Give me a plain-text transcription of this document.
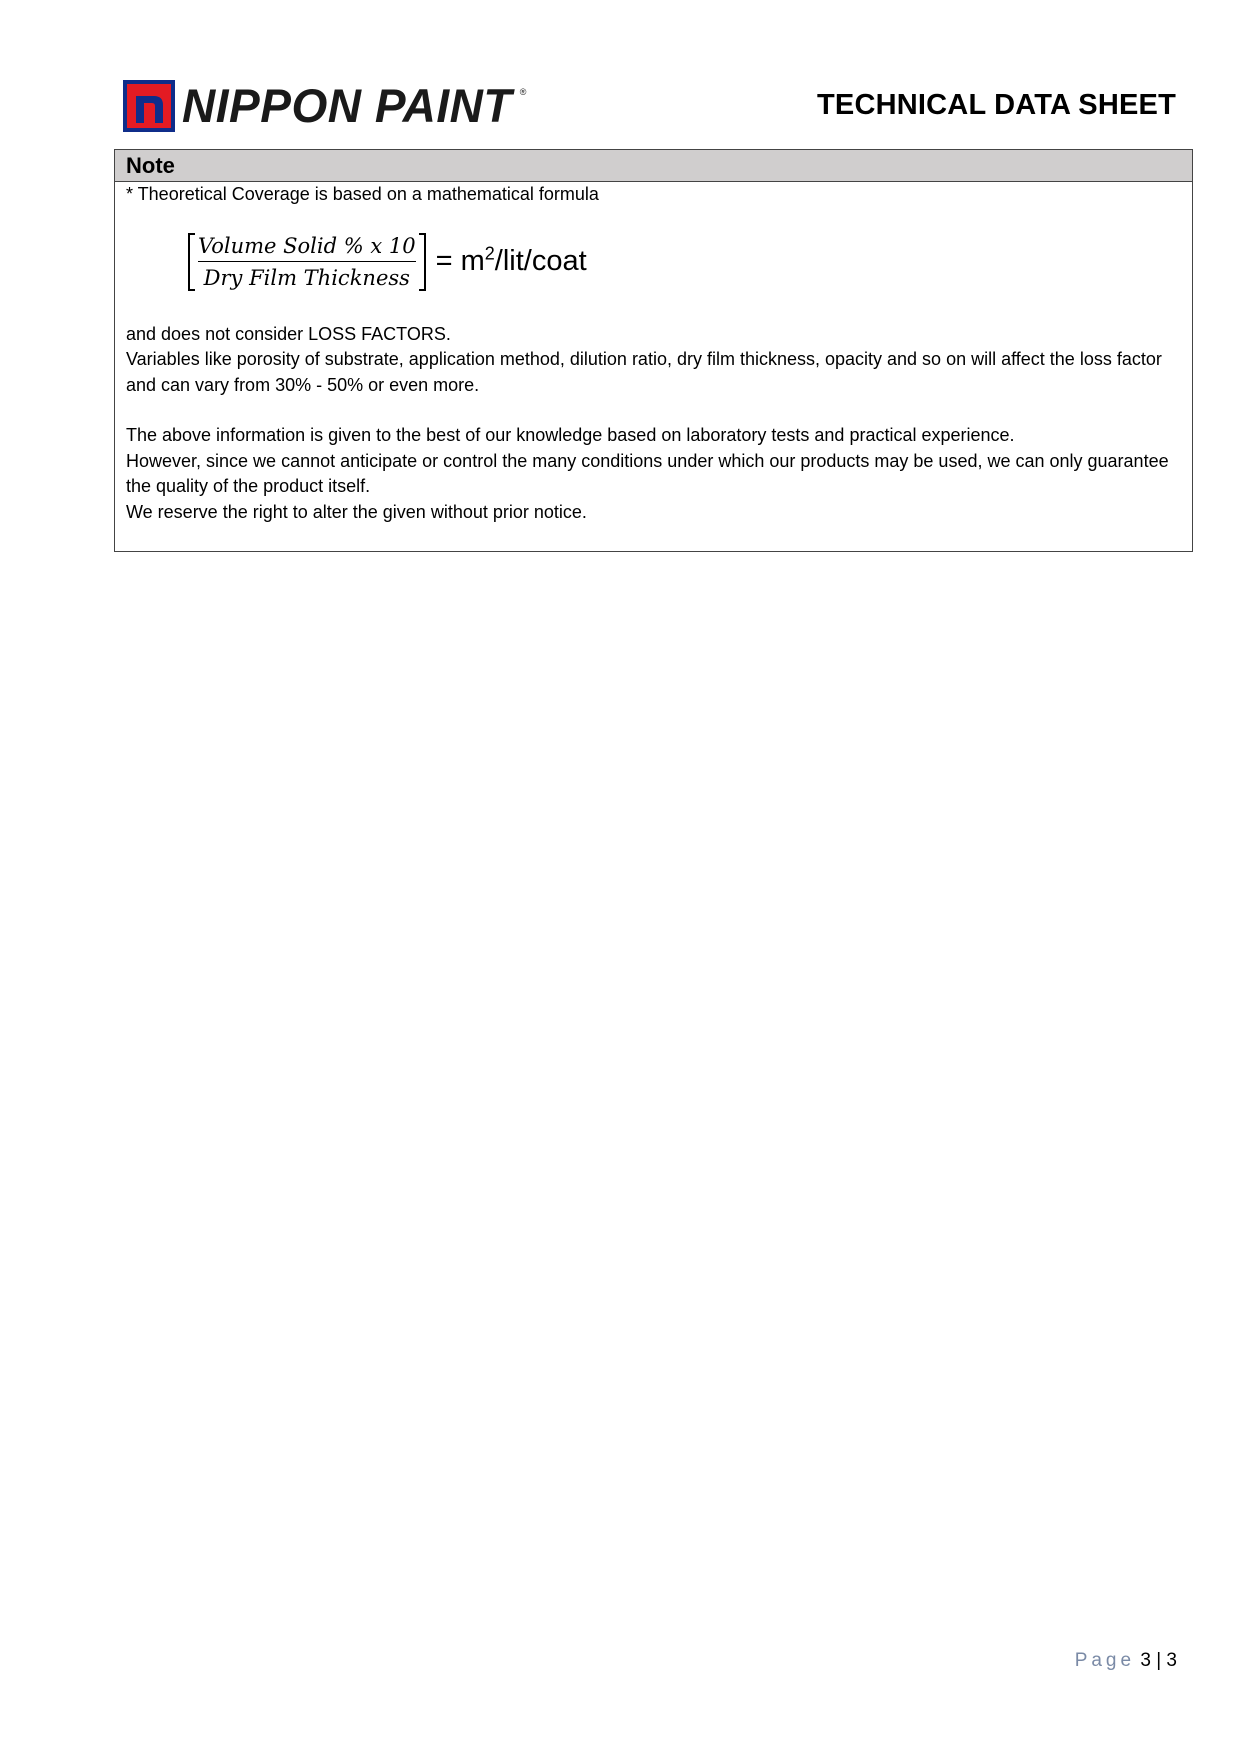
NIPPON PAINT ®	TECHNICAL DATA SHEET
Note

* Theoretical Coverage is based on a mathematical formula

$\frac{\text{Volume Solid \% x 10}}{\text{Dry Film Thickness}}$ = $m^2/lit$/coat

and does not consider LOSS FACTORS.

Variables like porosity of substrate, application method, dilution ratio, dry film thickness, opacity and so on will affect the loss factor and can vary from 30% - 50% or even more.

The above information is given to the best of our knowledge based on laboratory tests and practical experience.

However, since we cannot anticipate or control the many conditions under which our products may be used, we can only guarantee the quality of the product itself.

We reserve the right to alter the given without prior notice.

Page 3 | 3
